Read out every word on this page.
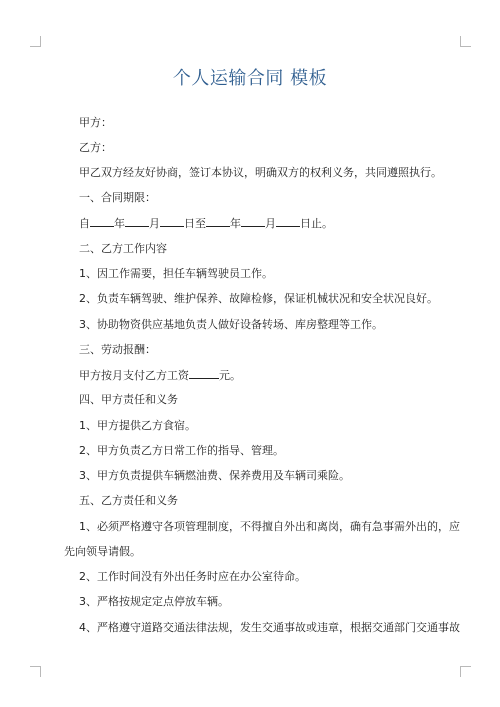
个人运输合同 模板
甲方：
乙方：
甲乙双方经友好协商，签订本协议，明确双方的权利义务，共同遵照执行。
一、合同期限：
自 年 月 日至 年 月 日止。
二、乙方工作内容
1、因工作需要，担任车辆驾驶员工作。
2、负责车辆驾驶、维护保养、故障检修，保证机械状况和安全状况良好。
3、协助物资供应基地负责人做好设备转场、库房整理等工作。
三、劳动报酬：
甲方按月支付乙方工资	元。
四、甲方责任和义务
1、甲方提供乙方食宿。
2、甲方负责乙方日常工作的指导、管理。
3、甲方负责提供车辆燃油费、保养费用及车辆司乘险。
五、乙方责任和义务
1、必须严格遵守各项管理制度，不得擅自外出和离岗，确有急事需外出的，应
先向领导请假。
2、工作时间没有外出任务时应在办公室待命。
3、严格按规定定点停放车辆。
4、严格遵守道路交通法律法规，发生交通事故或违章，根据交通部门交通事故
